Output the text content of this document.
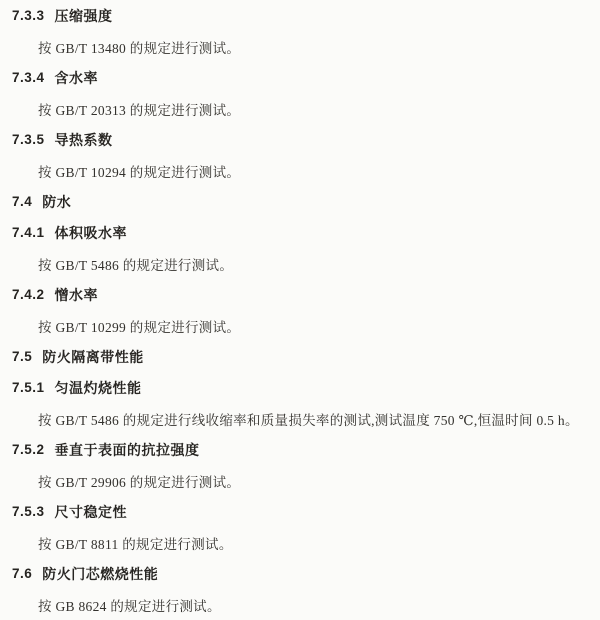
7.3.3 压缩强度
按 GB/T 13480 的规定进行测试。
7.3.4 含水率
按 GB/T 20313 的规定进行测试。
7.3.5 导热系数
按 GB/T 10294 的规定进行测试。
7.4 防水
7.4.1 体积吸水率
按 GB/T 5486 的规定进行测试。
7.4.2 憎水率
按 GB/T 10299 的规定进行测试。
7.5 防火隔离带性能
7.5.1 匀温灼烧性能
按 GB/T 5486 的规定进行线收缩率和质量损失率的测试,测试温度 750 ℃,恒温时间 0.5 h。
7.5.2 垂直于表面的抗拉强度
按 GB/T 29906 的规定进行测试。
7.5.3 尺寸稳定性
按 GB/T 8811 的规定进行测试。
7.6 防火门芯燃烧性能
按 GB 8624 的规定进行测试。
